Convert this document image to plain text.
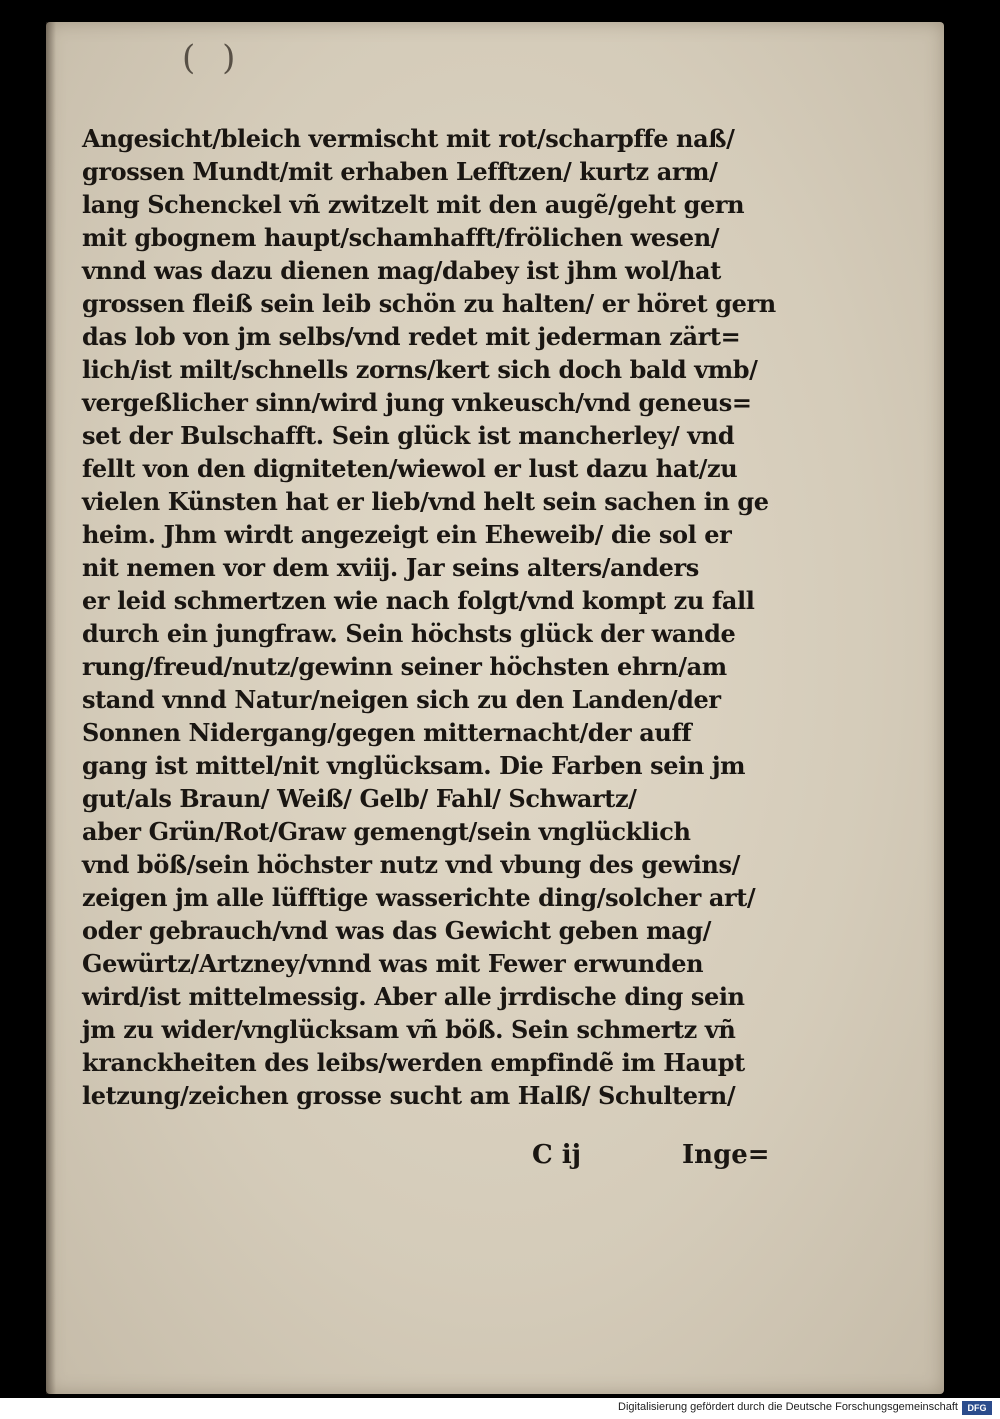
( )
Angesicht/bleich vermischt mit rot/scharpffe naß/
grossen Mundt/mit erhaben Lefftzen/ kurtz arm/
lang Schenckel vñ zwitzelt mit den augẽ/geht gern
mit gbognem haupt/schamhafft/frölichen wesen/
vnnd was dazu dienen mag/dabey ist jhm wol/hat
grossen fleiß sein leib schön zu halten/ er höret gern
das lob von jm selbs/vnd redet mit jederman zärt=
lich/ist milt/schnells zorns/kert sich doch bald vmb/
vergeßlicher sinn/wird jung vnkeusch/vnd geneus=
set der Bulschafft. Sein glück ist mancherley/ vnd
fellt von den digniteten/wiewol er lust dazu hat/zu
vielen Künsten hat er lieb/vnd helt sein sachen in ge
heim. Jhm wirdt angezeigt ein Eheweib/ die sol er
nit nemen vor dem xviij. Jar seins alters/anders
er leid schmertzen wie nach folgt/vnd kompt zu fall
durch ein jungfraw. Sein höchsts glück der wande
rung/freud/nutz/gewinn seiner höchsten ehrn/am
stand vnnd Natur/neigen sich zu den Landen/der
Sonnen Nidergang/gegen mitternacht/der auff
gang ist mittel/nit vnglücksam. Die Farben sein jm
gut/als Braun/ Weiß/ Gelb/ Fahl/ Schwartz/
aber Grün/Rot/Graw gemengt/sein vnglücklich
vnd böß/sein höchster nutz vnd vbung des gewins/
zeigen jm alle lüfftige wasserichte ding/solcher art/
oder gebrauch/vnd was das Gewicht geben mag/
Gewürtz/Artzney/vnnd was mit Fewer erwunden
wird/ist mittelmessig. Aber alle jrrdische ding sein
jm zu wider/vnglücksam vñ böß. Sein schmertz vñ
kranckheiten des leibs/werden empfindẽ im Haupt
letzung/zeichen grosse sucht am Halß/ Schultern/
C ij	Inge=
Digitalisierung gefördert durch die Deutsche Forschungsgemeinschaft	DFG
